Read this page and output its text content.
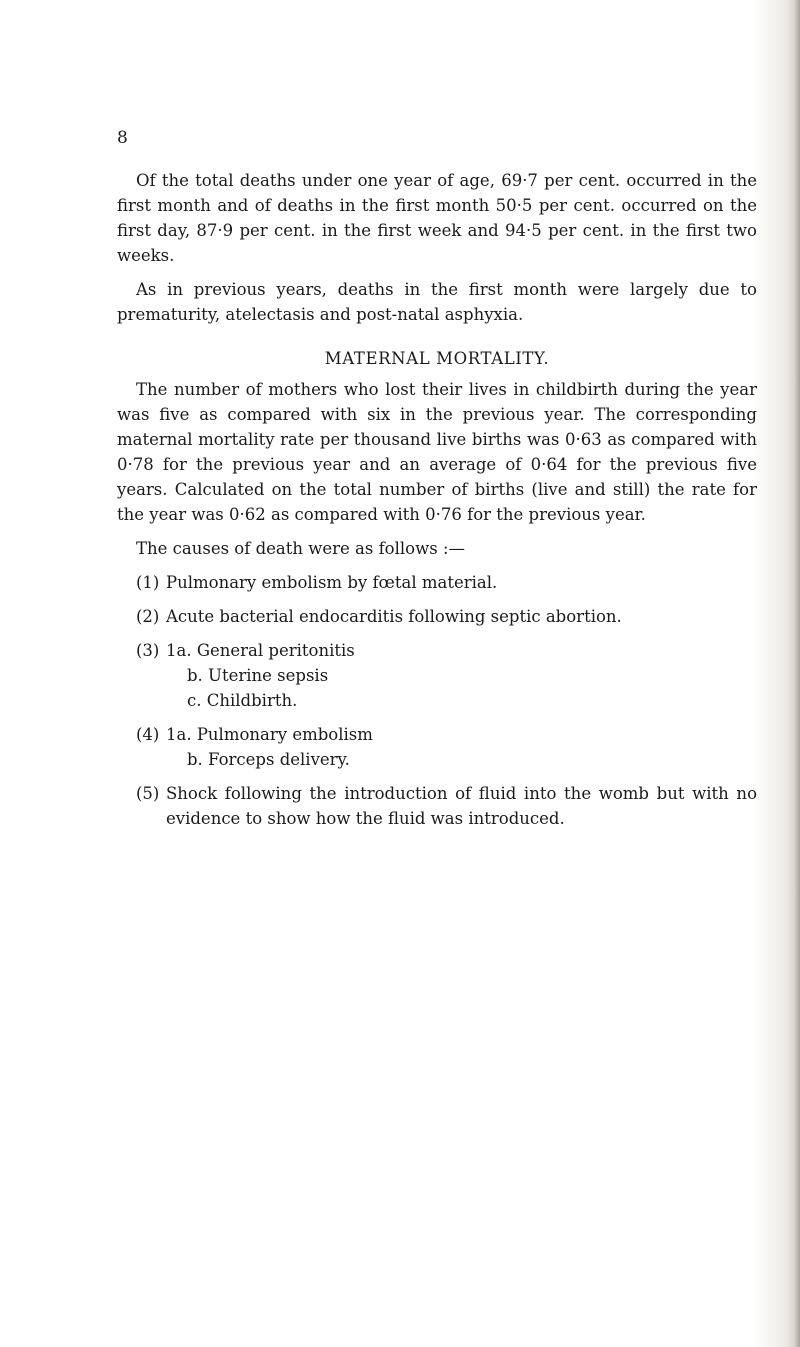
8

Of the total deaths under one year of age, 69·7 per cent. occurred in the first month and of deaths in the first month 50·5 per cent. occurred on the first day, 87·9 per cent. in the first week and 94·5 per cent. in the first two weeks.

As in previous years, deaths in the first month were largely due to prematurity, atelectasis and post-natal asphyxia.

MATERNAL MORTALITY.

The number of mothers who lost their lives in childbirth during the year was five as compared with six in the previous year. The corresponding maternal mortality rate per thousand live births was 0·63 as compared with 0·78 for the previous year and an average of 0·64 for the previous five years. Calculated on the total number of births (live and still) the rate for the year was 0·62 as compared with 0·76 for the previous year.

The causes of death were as follows :—

(1) Pulmonary embolism by fœtal material.
(2) Acute bacterial endocarditis following septic abortion.
(3) 1a. General peritonitis
b. Uterine sepsis
c. Childbirth.
(4) 1a. Pulmonary embolism
b. Forceps delivery.
(5) Shock following the introduction of fluid into the womb but with no evidence to show how the fluid was introduced.
